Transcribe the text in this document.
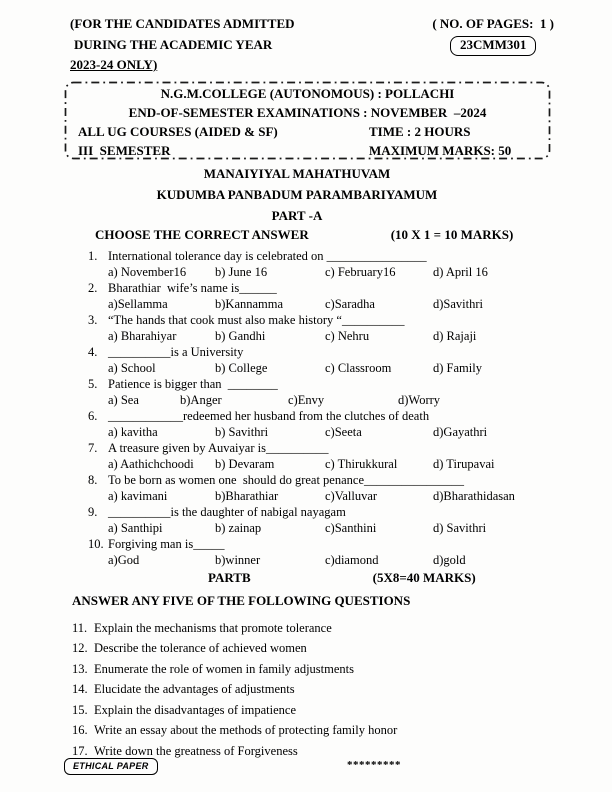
(FOR THE CANDIDATES ADMITTED
DURING THE ACADEMIC YEAR
2023-24 ONLY)
( NO. OF PAGES:  1 )
23CMM301
N.G.M.COLLEGE (AUTONOMOUS) : POLLACHI
END-OF-SEMESTER EXAMINATIONS : NOVEMBER  –2024
ALL UG COURSES (AIDED & SF)	TIME : 2 HOURS
III  SEMESTER	MAXIMUM MARKS: 50
MANAIYIYAL MAHATHUVAM
KUDUMBA PANBADUM PARAMBARIYAMUM
PART -A
CHOOSE THE CORRECT ANSWER	(10 X 1 = 10 MARKS)
1. International tolerance day is celebrated on ________________
a) November16	b) June 16	c) February16	d) April 16
2. Bharathiar  wife’s name is______
a)Sellamma	b)Kannamma	c)Saradha	d)Savithri
3. “The hands that cook must also make history “__________
a) Bharahiyar	b) Gandhi	c) Nehru	d) Rajaji
4. __________is a University
a) School	b) College	c) Classroom	d) Family
5. Patience is bigger than  ________
a) Sea	b)Anger	c)Envy	d)Worry
6. ____________redeemed her husband from the clutches of death
a) kavitha	b) Savithri	c)Seeta	d)Gayathri
7. A treasure given by Auvaiyar is__________
a) Aathichchoodi	b) Devaram	c) Thirukkural	d) Tirupavai
8. To be born as women one  should do great penance________________
a) kavimani	b)Bharathiar	c)Valluvar	d)Bharathidasan
9. __________is the daughter of nabigal nayagam
a) Santhipi	b) zainap	c)Santhini	d) Savithri
10. Forgiving man is_____
a)God	b)winner	c)diamond	d)gold
PARTB	(5X8=40 MARKS)
ANSWER ANY FIVE OF THE FOLLOWING QUESTIONS
11. Explain the mechanisms that promote tolerance
12. Describe the tolerance of achieved women
13. Enumerate the role of women in family adjustments
14. Elucidate the advantages of adjustments
15. Explain the disadvantages of impatience
16. Write an essay about the methods of protecting family honor
17. Write down the greatness of Forgiveness
ETHICAL PAPER	*********
